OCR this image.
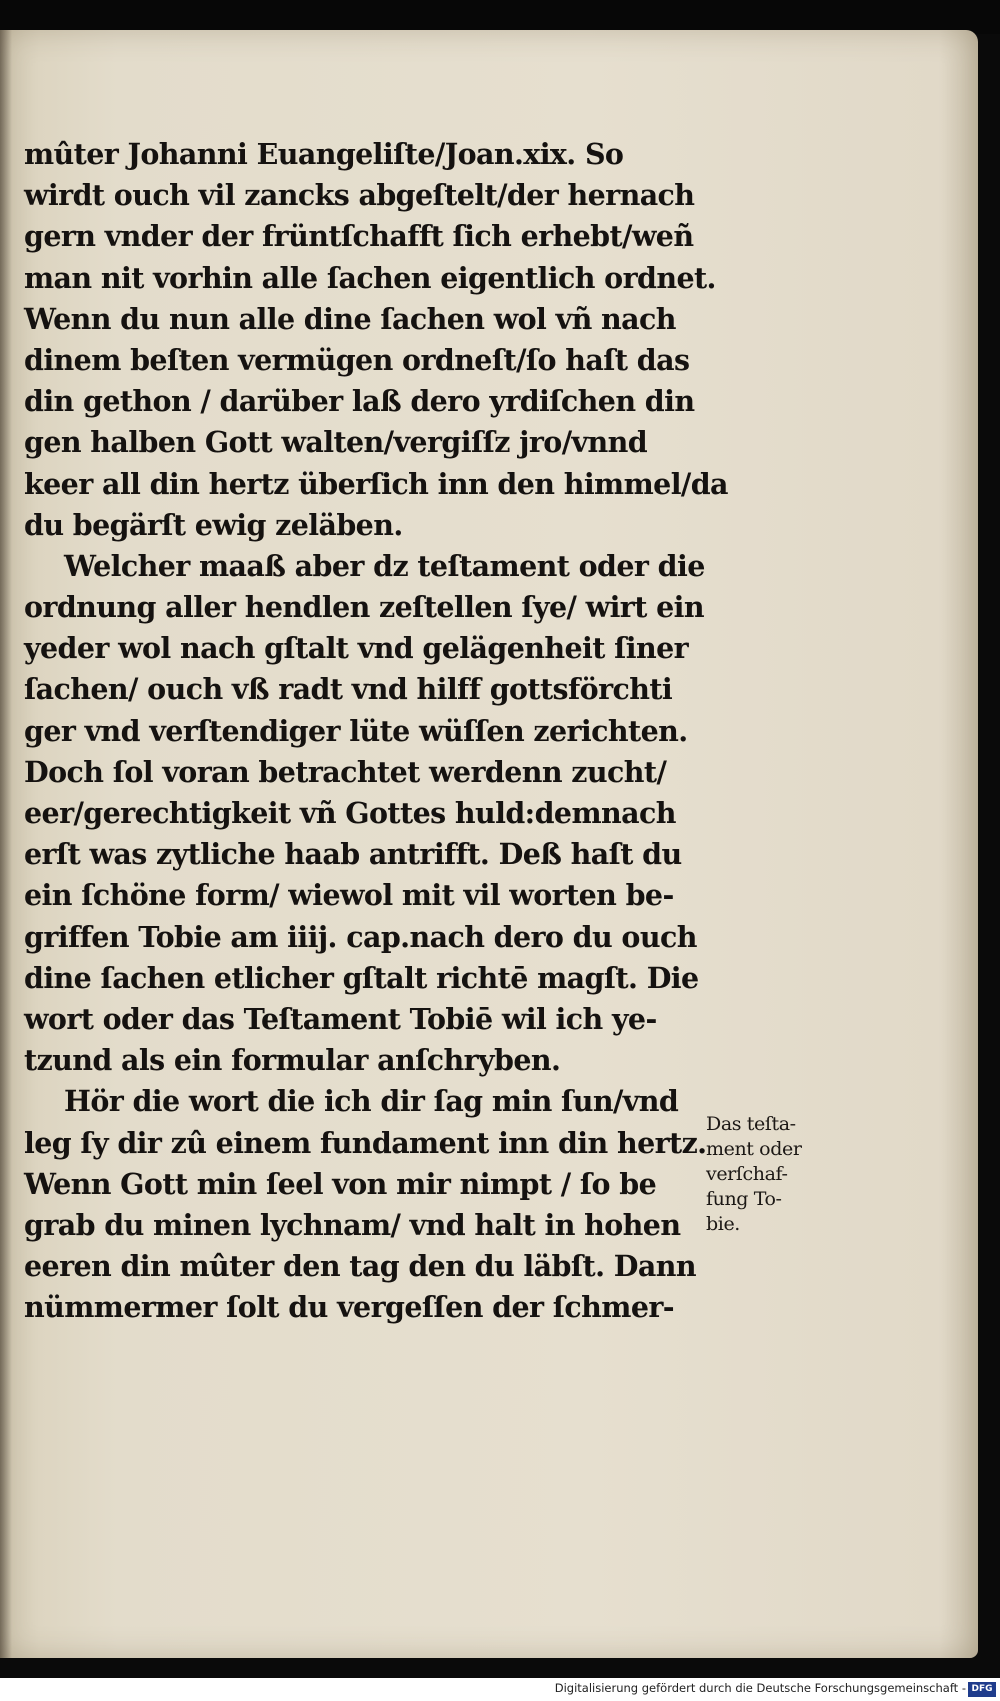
mûter Johanni Euangeliſte/Joan.xix. So
wirdt ouch vil zancks abgeſtelt/der hernach
gern vnder der früntſchafft ſich erhebt/weñ
man nit vorhin alle ſachen eigentlich ordnet.
Wenn du nun alle dine ſachen wol vñ nach
dinem beſten vermügen ordneſt/ſo haſt das
din gethon / darüber laß dero yrdiſchen din
gen halben Gott walten/vergiſſz jro/vnnd
keer all din hertz überſich inn den himmel/da
du begärſt ewig zeläben.
Welcher maaß aber dz teſtament oder die
ordnung aller hendlen zeſtellen ſye/ wirt ein
yeder wol nach gſtalt vnd gelägenheit ſiner
ſachen/ ouch vß radt vnd hilff gottsförchti
ger vnd verſtendiger lüte wüſſen zerichten.
Doch ſol voran betrachtet werdenn zucht/
eer/gerechtigkeit vñ Gottes huld:demnach
erſt was zytliche haab antrifft. Deß haſt du
ein ſchöne form/ wiewol mit vil worten be-
griffen Tobie am iiij. cap.nach dero du ouch
dine ſachen etlicher gſtalt richtē magſt. Die
wort oder das Teſtament Tobiē wil ich ye-
tzund als ein formular anſchryben.
Hör die wort die ich dir ſag min ſun/vnd
leg ſy dir zû einem fundament inn din hertz.
Wenn Gott min ſeel von mir nimpt / ſo be
grab du minen lychnam/ vnd halt in hohen
eeren din mûter den tag den du läbſt. Dann
nümmermer ſolt du vergeſſen der ſchmer-
Das teſta-
ment oder
verſchaf-
fung To-
bie.
Digitalisierung gefördert durch die Deutsche Forschungsgemeinschaft - DFG
